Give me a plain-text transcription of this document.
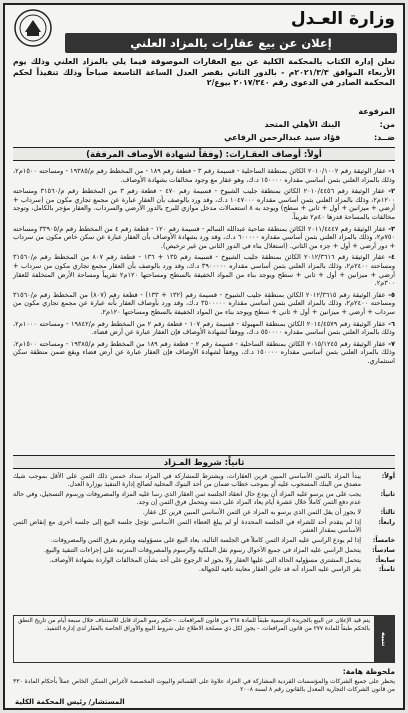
وزارة العـدل
إعلان عن بيع عقارات بالمزاد العلني
تعلن إدارة الكتاب بالمحكمة الكلية عن بيع العقارات الموصوفة فيما يلي بالمزاد العلني وذلك يوم الأربعاء الموافق ٢٠٢١/٣/٣م - بالدور الثاني بقصر العدل الساعة التاسعة صباحاً وذلك تنفيذاً لحكم المحكمة الصادر في الدعوى رقم ٢٠١٧/٣٤٠ بيوع/٢
المرفوعة من: البنك الأهلي المتحد
ضــد: فؤاد سيد عبدالرحمن الرفاعي
أولاً: أوصاف العقـارات: (وفقاً لشهادة الأوصاف المرفقة)
١- عقار الوثيقة رقم ٢٠١٠/١٠٠٢ الكائن بمنطقة الساحلية - قسيمة رقم ٣ - قطعة رقم ١٨٩ - من المخطط رقم م/١٩٣٨٥ - ومساحته ١٥٠٠م٢، وذلك بالمزاد العلني بثمن أساسي مقداره ١٥٠٠٠٠ د.ك، وهو عقار مع وجود مخالفات بشهادة الأوصاف.
٢- عقار الوثيقة رقم ٢٠١٠/٤٤٥٦ الكائن بمنطقة جليب الشيوخ - قسيمة رقم ٤٧٠ - قطعة رقم ٣ من المخطط رقم م/٣١٥٦٠ ومساحته ١٢٠٠م٢، وذلك بالمزاد العلني بثمن أساسي مقداره ١٠٤٧٠٠٠ د.ك، وقد ورد بالوصف بأن العقار عبارة عن مجمع تجاري مكون من (سرداب + أرضي + ميزانين + أول + ثاني + سطح) ويوجد به ٨ استعمالات مدخل موازي للبرج بالدور الأرضي والسرداب. والعقار مؤجر بالكامل، وتوجد مخالفات بالمساحة قدرها ٤٠م٢ تقريباً.
٣- عقار الوثيقة رقم ٢٠١١/٤٤٤٧ الكائن بمنطقة ضاحية عبدالله السالم - قسيمة رقم ١٢٠ - قطعة رقم ٤ من المخطط رقم م/٣٣٩٠٥ ومساحته ٧٥٠م٢، وذلك بالمزاد العلني بثمن أساسي مقداره ٦٠٠٠٠٠ د.ك، وقد ورد بشهادة الأوصاف بأن العقار عبارة عن سكن خاص مكون من سرداب + دور أرضي + أول + جزء من الثاني. (استغلال بناء في الدور الثاني من غير ترخيص).
٤- عقار الوثيقة رقم ٢٠١٢/٣٦١٦ الكائن بمنطقة جليب الشيوخ - قسيمة رقم ١٣٥ + ١٣٦ - قطعة رقم ٨٠٧ من المخطط رقم م/٣١٥٦٠ ومساحته ٢٤٠٠م٢، وذلك بالمزاد العلني بثمن أساسي مقداره ٣٩٠٠٠٠٠ د.ك، وقد ورد بالوصف بأن العقار مجمع تجاري مكون من سرداب + أرضي + ميزانين + أول + ثاني + سطح ويوجد بناء من المواد الخفيفة بالسطح ومساحتها ١٢٠م٢ تقريباً ومساحة الأرض المتخلفة للعقار ٣٠٠م٢.
٥- عقار الوثيقة رقم ٢٠١٢/٣٦١٥ الكائن بمنطقة جليب الشيوخ - قسيمة رقم (١٣٢ + ١٣٣) - قطعة رقم (٨٠٧) من المخطط رقم م/٣١٥٦٠ ومساحته ٢٤٠٠م٢، وذلك بالمزاد العلني بثمن أساسي مقداره ٣٥٠٠٠٠٠ د.ك، وقد ورد بأوصاف العقار بأنه عبارة عن مجمع تجاري مكون من سرداب + أرضي + ميزانين + أول + ثاني + سطح ويوجد بناء من المواد الخفيفة بالسطح ومساحتها ١٢٠م٢.
٦- عقار الوثيقة رقم ٢٠١٤/٤٥٧٩ الكائن بمنطقة المهبولة - قسيمة رقم ١٠٧ - قطعة رقم ٢ من المخطط رقم م/١٩٨٤٢ - ومساحته ١٠٠٠م٢، وذلك بالمزاد العلني بثمن أساسي مقداره ٥٥٠٠٠٠ د.ك، ووفقاً لشهادة الأوصاف فإن العقار عبارة عن أرض فضاء.
٧- عقار الوثيقة رقم ٢٠١٥/١٢٤٥ الكائن بمنطقة الساحلية - قسيمة رقم ٢ - قطعة رقم ١٨٩ من المخطط رقم م/١٩٣٨٥ - ومساحته ١٥٠٠م٢، وذلك بالمزاد العلني بثمن أساسي مقداره ١٥٠٠٠٠ د.ك، ووفقاً لشهادة الأوصاف فإن العقار عبارة عن أرض فضاء ويقع ضمن منطقة سكن استثماري.
ثانياً: شروط المـزاد
أولاً:
يبدأ المزاد بالثمن الأساسي المبين قرين العقارات، ويشترط للمشاركة في المزاد سداد خمس ذلك الثمن على الأقل بموجب شيك مصدق من البنك المسحوب عليه أو بموجب خطاب ضمان من أحد البنوك المحلية لصالح إدارة التنفيذ بوزارة العدل.
ثانياً:
يجب على من يرسو عليه المزاد أن يودع حال انعقاد الجلسة ثمن العقار الذي رسا عليه المزاد والمصروفات ورسوم التسجيل، وفي حالة عدم دفع الثمن كاملاً خلال عشرة أيام يعاد المزاد على ذمته ويتحمل فرق الثمن إن وجد.
ثالثاً:
لا يجوز أن يقل الثمن الذي يرسو به المزاد عن الثمن الأساسي المبين قرين كل عقار.
رابعاً:
إذا لم يتقدم أحد للشراء في الجلسة المحددة أو لم يبلغ العطاء الثمن الأساسي تؤجل جلسة البيع إلى جلسة أخرى مع إنقاص الثمن الأساسي بمقدار العشر.
خامساً:
إذا لم يودع الراسي عليه المزاد الثمن كاملاً في الجلسة التالية، يعاد البيع على مسؤوليته ويلتزم بفرق الثمن والمصروفات.
سادساً:
يتحمل الراسي عليه المزاد في جميع الأحوال رسوم نقل الملكية والرسوم والمصروفات المترتبة على إجراءات التنفيذ والبيع.
سابعاً:
يتحمل المشتري مسؤولية الحالة التي عليها العقار ولا يجوز له الرجوع على أحد بشأن المخالفات الواردة بشهادة الأوصاف.
ثامناً:
يقر الراسي عليه المزاد أنه قد عاين العقار معاينة نافية للجهالة.
تنبيه
يتم قيد الإعلان عن البيع بالجريدة الرسمية طبقاً للمادة ٢٦٨ من قانون المرافعات. - حكم رسو المزاد قابل للاستئناف خلال سبعة أيام من تاريخ النطق بالحكم طبقاً للمادة ٢٧٧ من قانون المرافعات. - يجوز لكل ذي مصلحة الاطلاع على شروط البيع والأوراق الخاصة بالعقار لدى إدارة التنفيذ.
ملحوظة هامة:
يحظر على جميع الشركات والمؤسسات الفردية المشاركة في المزاد علاوة على القسائم والبيوت المخصصة لأغراض السكن الخاص عملاً بأحكام المادة ٣٣٠ من قانون الشركات التجارية المعدل بالقانون رقم ٨ لسنة ٢٠٠٨
المستشار/ رئيس المحكمة الكلية
